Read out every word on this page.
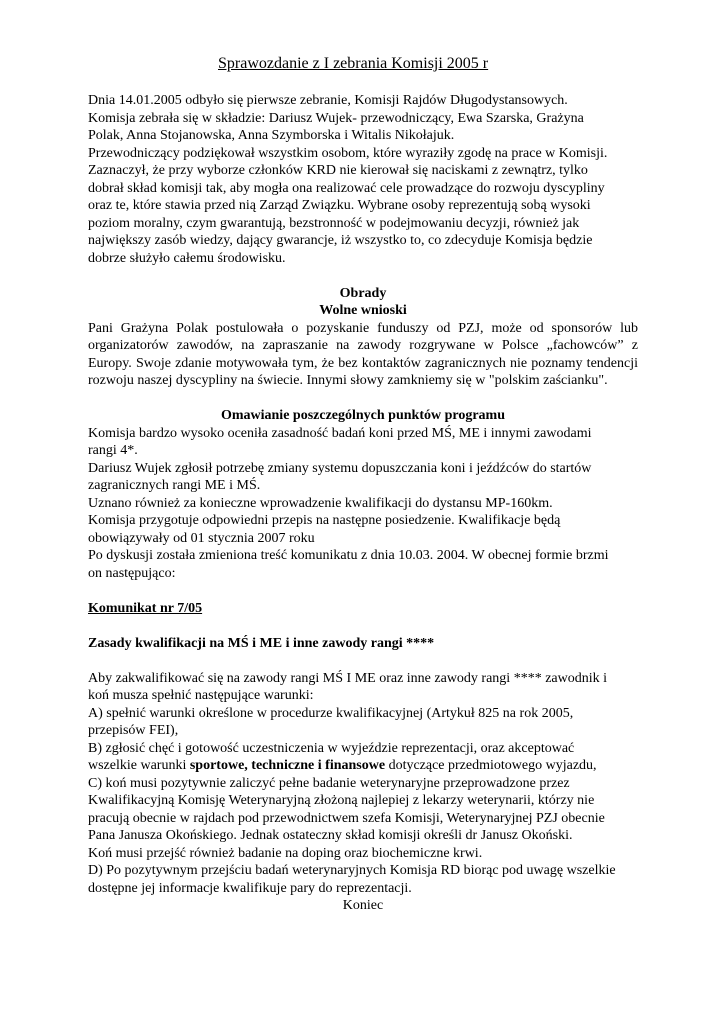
Sprawozdanie z I zebrania Komisji 2005 r

Dnia 14.01.2005 odbyło się pierwsze zebranie, Komisji Rajdów Długodystansowych.

Komisja zebrała się w składzie: Dariusz Wujek- przewodniczący, Ewa Szarska, Grażyna

Polak, Anna Stojanowska, Anna Szymborska i Witalis Nikołajuk.

Przewodniczący podziękował wszystkim osobom, które wyraziły zgodę na prace w Komisji.

Zaznaczył, że przy wyborze członków KRD nie kierował się naciskami z zewnątrz, tylko

dobrał skład komisji tak, aby mogła ona realizować cele prowadzące do rozwoju dyscypliny

oraz te, które stawia przed nią Zarząd Związku. Wybrane osoby reprezentują sobą wysoki

poziom moralny, czym gwarantują, bezstronność w podejmowaniu decyzji, również jak

największy zasób wiedzy, dający gwarancje, iż wszystko to, co zdecyduje Komisja będzie

dobrze służyło całemu środowisku.

Obrady

Wolne wnioski

Pani Grażyna Polak postulowała o pozyskanie funduszy od PZJ, może od sponsorów lub organizatorów zawodów, na zapraszanie na zawody rozgrywane w Polsce „fachowców” z Europy. Swoje zdanie motywowała tym, że bez kontaktów zagranicznych nie poznamy tendencji rozwoju naszej dyscypliny na świecie. Innymi słowy zamkniemy się w "polskim zaścianku".

Omawianie poszczególnych punktów programu

Komisja bardzo wysoko oceniła zasadność badań koni przed MŚ, ME i innymi zawodami

rangi 4*.

Dariusz Wujek zgłosił potrzebę zmiany systemu dopuszczania koni i jeźdźców do startów

zagranicznych rangi ME i MŚ.

Uznano również za konieczne wprowadzenie kwalifikacji do dystansu MP-160km.

Komisja przygotuje odpowiedni przepis na następne posiedzenie. Kwalifikacje będą

obowiązywały od 01 stycznia 2007 roku

Po dyskusji została zmieniona treść komunikatu z dnia 10.03. 2004. W obecnej formie brzmi

on następująco:

Komunikat nr 7/05

Zasady kwalifikacji na MŚ i ME i inne zawody rangi ****

Aby zakwalifikować się na zawody rangi MŚ I ME oraz inne zawody rangi **** zawodnik i

koń musza spełnić następujące warunki:

A) spełnić warunki określone w procedurze kwalifikacyjnej (Artykuł 825 na rok 2005,

przepisów FEI),

B) zgłosić chęć i gotowość uczestniczenia w wyjeździe reprezentacji, oraz akceptować

wszelkie warunki sportowe, techniczne i finansowe dotyczące przedmiotowego wyjazdu,

C) koń musi pozytywnie zaliczyć pełne badanie weterynaryjne przeprowadzone przez

Kwalifikacyjną Komisję Weterynaryjną złożoną najlepiej z lekarzy weterynarii, którzy nie

pracują obecnie w rajdach pod przewodnictwem szefa Komisji, Weterynaryjnej PZJ obecnie

Pana Janusza Okońskiego. Jednak ostateczny skład komisji określi dr Janusz Okoński.

Koń musi przejść również badanie na doping oraz biochemiczne krwi.

D) Po pozytywnym przejściu badań weterynaryjnych Komisja RD biorąc pod uwagę wszelkie

dostępne jej informacje kwalifikuje pary do reprezentacji.

Koniec
